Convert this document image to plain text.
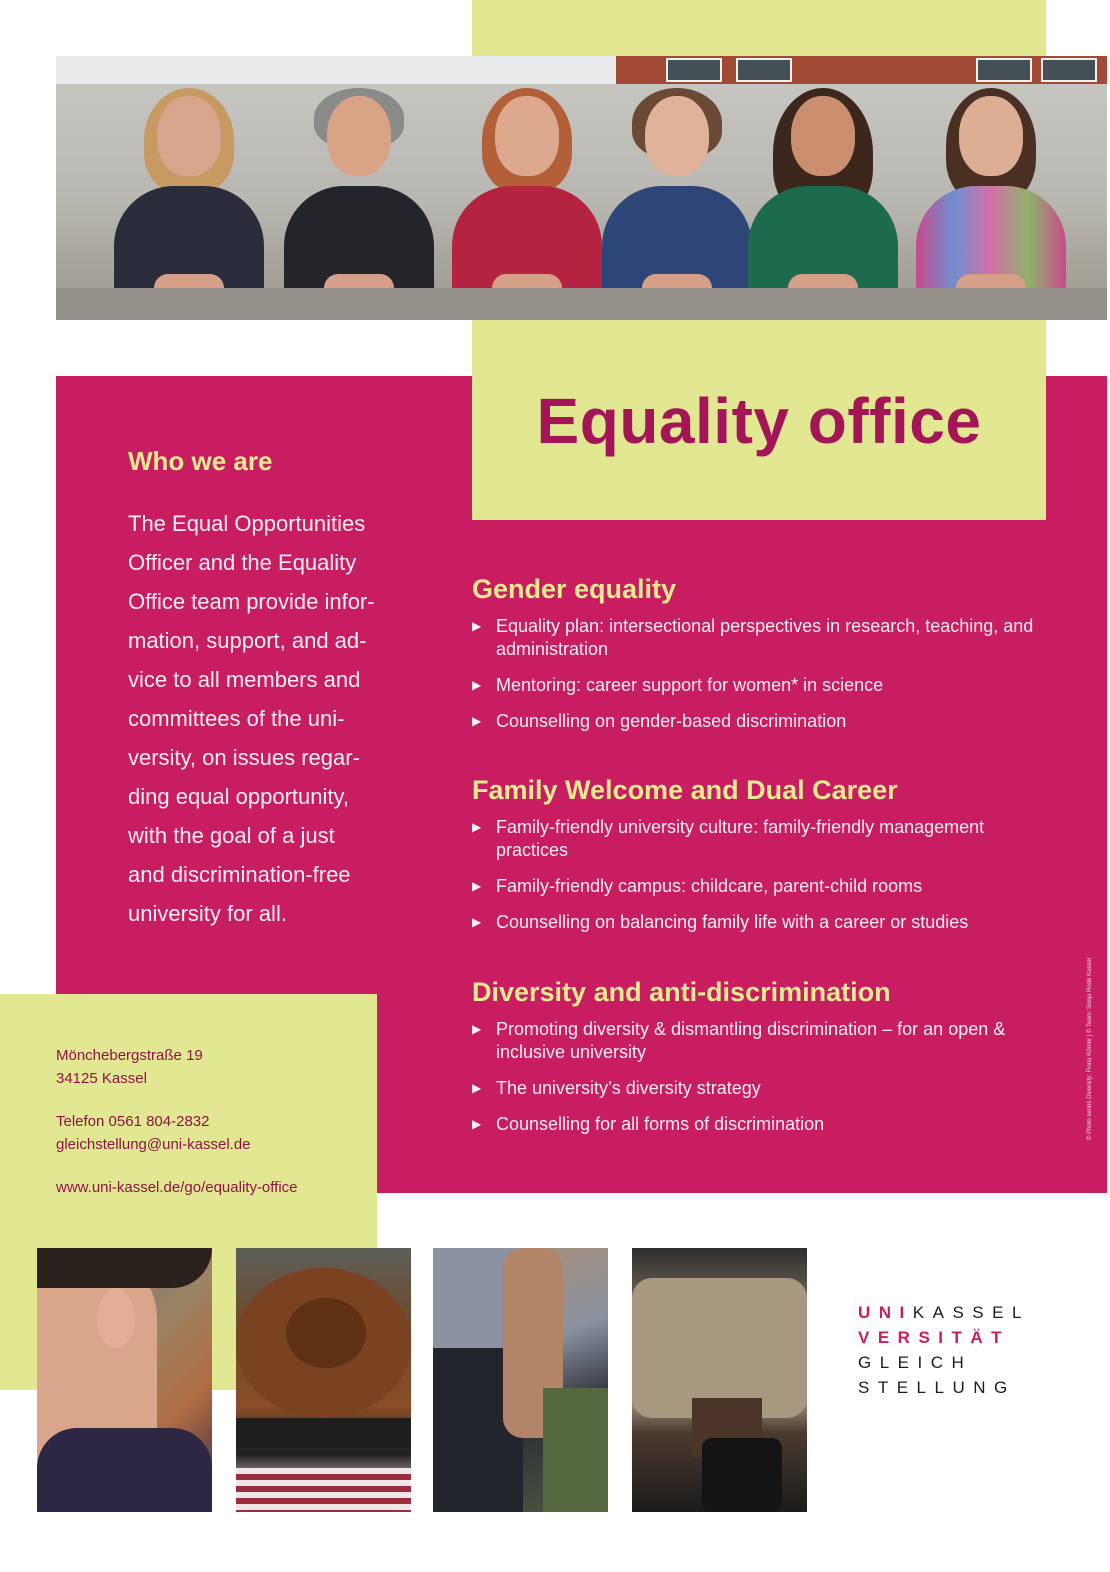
Equality office
Who we are
The Equal Opportunities
Officer and the Equality
Office team provide infor-
mation, support, and ad-
vice to all members and
committees of the uni-
versity, on issues regar-
ding equal opportunity,
with the goal of a just
and discrimination-free
university for all.
Gender equality
▶ Equality plan: intersectional perspectives in research, teaching, and administration
▶ Mentoring: career support for women* in science
▶ Counselling on gender-based discrimination
Family Welcome and Dual Career
▶ Family-friendly university culture: family-friendly management practices
▶ Family-friendly campus: childcare, parent-child rooms
▶ Counselling on balancing family life with a career or studies
Diversity and anti-discrimination
▶ Promoting diversity & dismantling discrimination – for an open & inclusive university
▶ The university’s diversity strategy
▶ Counselling for all forms of discrimination	© Photo series Diversity: Fiona Körner | © Team: Sonja Rode Kassel
Mönchebergstraße 19
34125 Kassel
Telefon 0561 804-2832
gleichstellung@uni-kassel.de
www.uni-kassel.de/go/equality-office
UNIKASSEL
VERSITÄT
GLEICH
STELLUNG
